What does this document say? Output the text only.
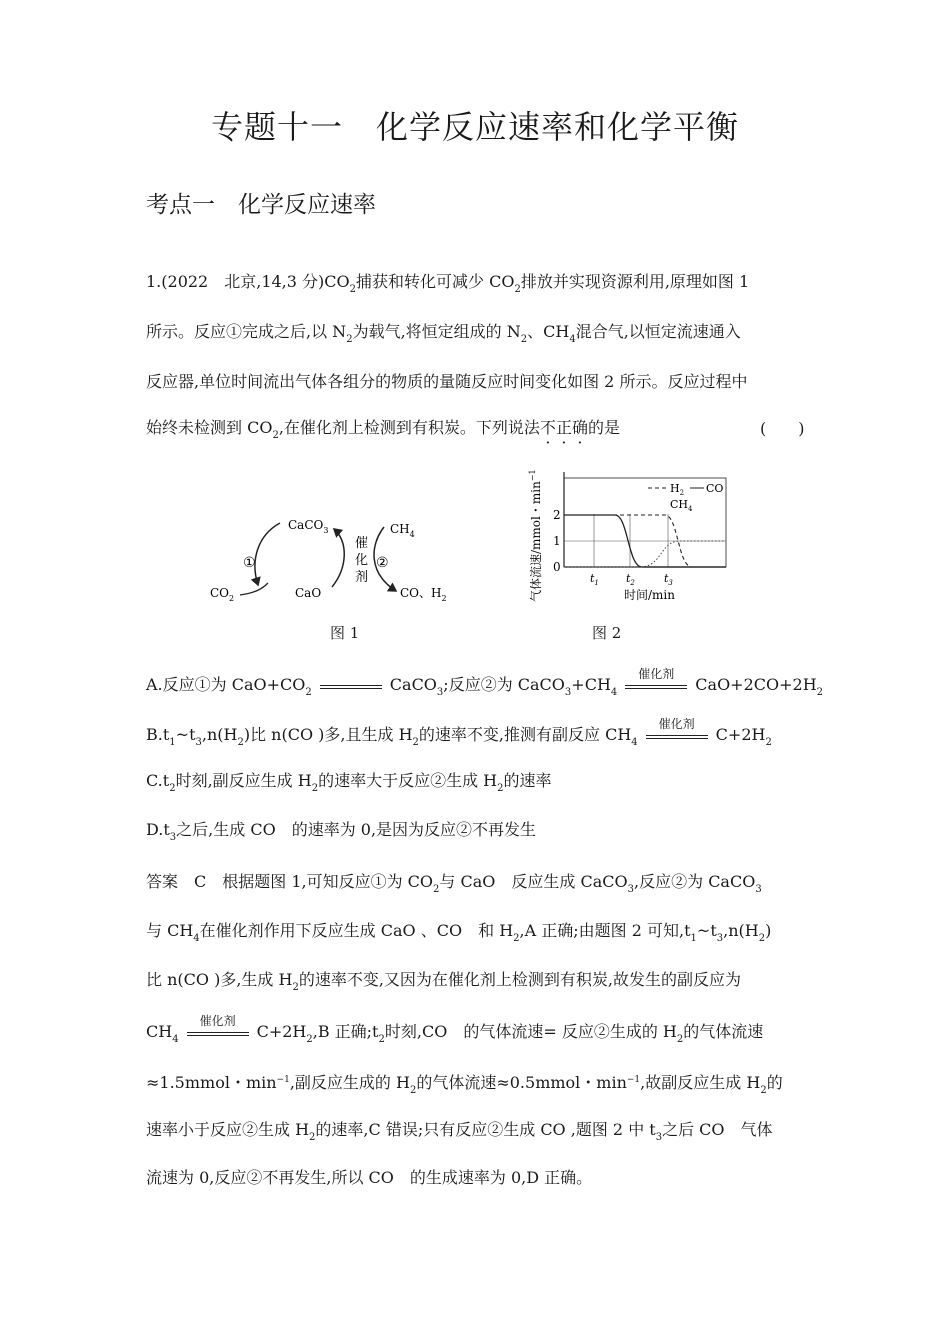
专题十一　化学反应速率和化学平衡
考点一　化学反应速率
1.(2022　北京,14,3 分)$CO_2$捕获和转化可减少 $CO_2$排放并实现资源利用,原理如图 1
所示。反应①完成之后,以 $N_2$为载气,将恒定组成的 $N_2$、$CH_4$混合气,以恒定流速通入
反应器,单位时间流出气体各组分的物质的量随反应时间变化如图 2 所示。反应过程中
始终未检测到 $CO_2$,在催化剂上检测到有积炭。下列说法不正确的是	(　　)
CaCO$_3$
CaO
$CO_2$
$CH_4$
CO、$H_2$
催
化
剂
①	②
图 1
气体流速/mmol・$\min^{-1}$
2
1
0
$t_1$ $t_2$	$t_3$
时间/min
$H_2$ CO
$CH_4$
图 2
A.反应①为 $CaO+CO_2$	CaCO$_3$;反应②为 $CaCO_3+CH_4$
催化剂
$CaO+2CO+2H_2$
$B.t_1\sim t_3,n(H_2)$比 n(CO )多,且生成 $H_2$的速率不变,推测有副反应 $CH_4$
催化剂
$C+2H_2$
$C.t_2$时刻,副反应生成 $H_2$的速率大于反应②生成 $H_2$的速率
$D.t_3$之后,生成 CO　的速率为 0,是因为反应②不再发生
答案　C　根据题图 1,可知反应①为 $CO_2$与 CaO　反应生成 CaCO$_3$,反应②为 CaCO$_3$
与 $CH_4$在催化剂作用下反应生成 CaO 、CO　和 $H_2,A$ 正确;由题图 2 可知$,t_1\sim t_3,n(H_2)$
比 n(CO )多,生成 $H_2$的速率不变,又因为在催化剂上检测到有积炭,故发生的副反应为
$CH_4$
催化剂
$C+2H_2,B$ 正确$;t_2$时刻,CO　的气体流速= 反应②生成的 $H_2$的气体流速
≈1.5mmol・$\min^{-1}$,副反应生成的 $H_2$的气体流速≈0.5mmol・$\min^{-1}$,故副反应生成 $H_2$的
速率小于反应②生成 $H_2$的速率,C 错误;只有反应②生成 CO ,题图 2 中 $t_3$之后 CO　气体
流速为 0,反应②不再发生,所以 CO　的生成速率为 0,D 正确。
